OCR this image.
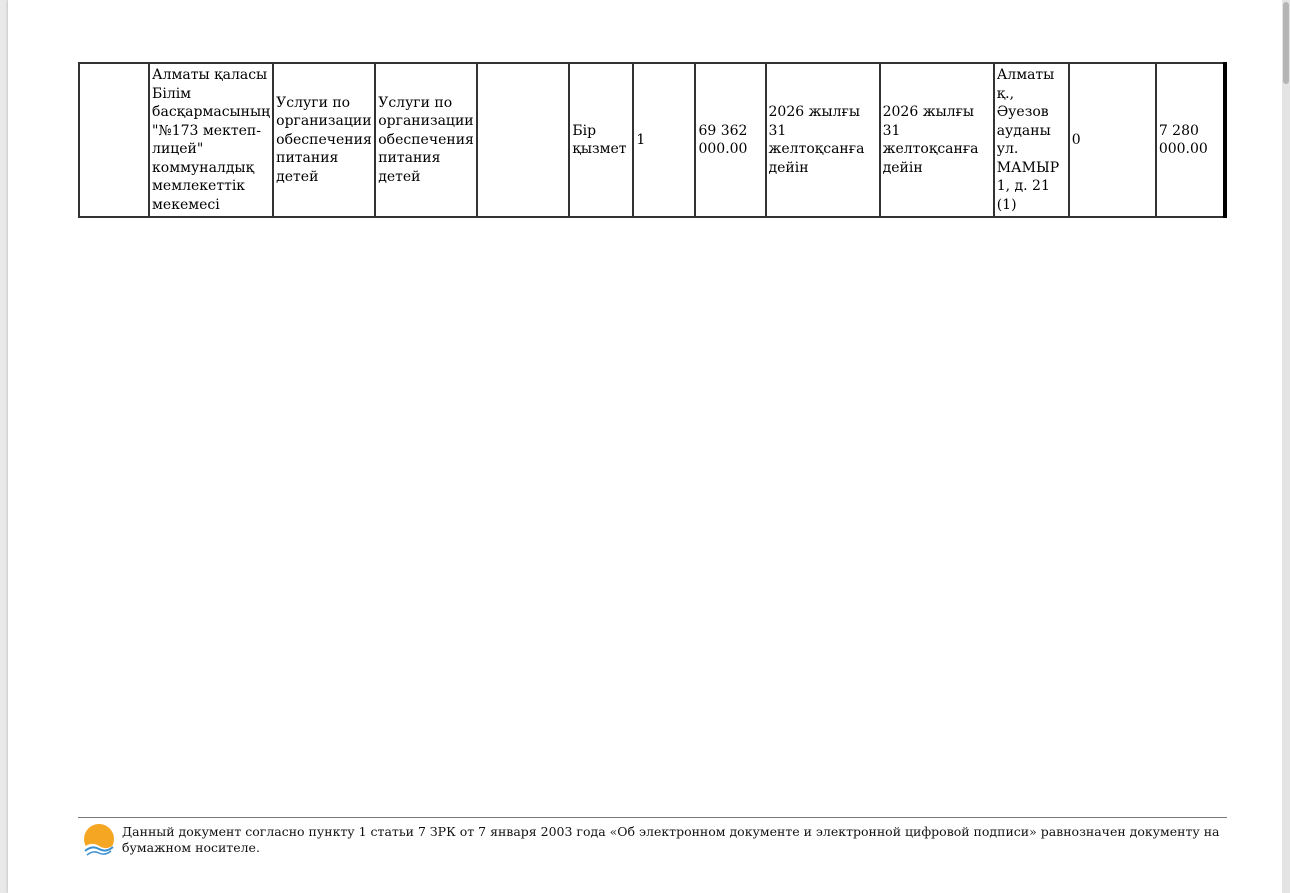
	Алматы қаласы Білім басқармасының "№173 мектеп-лицей" коммуналдық мемлекеттік мекемесі	Услуги по организации обеспечения питания детей	Услуги по организации обеспечения питания детей		Бір қызмет	1	69 362 000.00	2026 жылғы 31 желтоқсанға дейін	2026 жылғы 31 желтоқсанға дейін	Алматы қ., Әуезов ауданы ул. МАМЫР 1, д. 21 (1)	0	7 280 000.00
Данный документ согласно пункту 1 статьи 7 ЗРК от 7 января 2003 года «Об электронном документе и электронной цифровой подписи» равнозначен документу на бумажном носителе.
